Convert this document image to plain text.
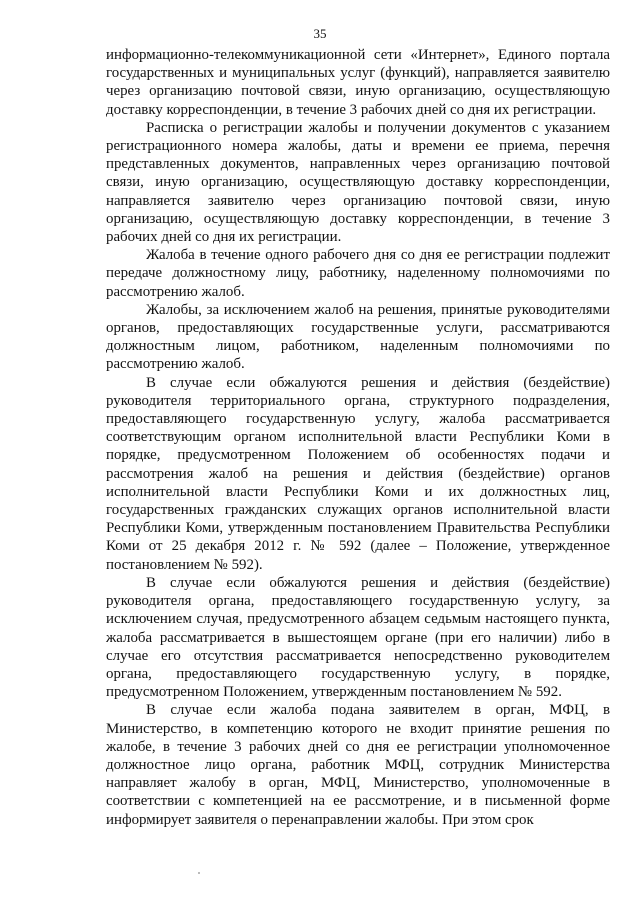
35

информационно-телекоммуникационной сети «Интернет», Единого портала государственных и муниципальных услуг (функций), направляется заявителю через организацию почтовой связи, иную организацию, осуществляющую доставку корреспонденции, в течение 3 рабочих дней со дня их регистрации.

Расписка о регистрации жалобы и получении документов с указанием регистрационного номера жалобы, даты и времени ее приема, перечня представленных документов, направленных через организацию почтовой связи, иную организацию, осуществляющую доставку корреспонденции, направляется заявителю через организацию почтовой связи, иную организацию, осуществляющую доставку корреспонденции, в течение 3 рабочих дней со дня их регистрации.

Жалоба в течение одного рабочего дня со дня ее регистрации подлежит передаче должностному лицу, работнику, наделенному полномочиями по рассмотрению жалоб.

Жалобы, за исключением жалоб на решения, принятые руководителями органов, предоставляющих государственные услуги, рассматриваются должностным лицом, работником, наделенным полномочиями по рассмотрению жалоб.

В случае если обжалуются решения и действия (бездействие) руководителя территориального органа, структурного подразделения, предоставляющего государственную услугу, жалоба рассматривается соответствующим органом исполнительной власти Республики Коми в порядке, предусмотренном Положением об особенностях подачи и рассмотрения жалоб на решения и действия (бездействие) органов исполнительной власти Республики Коми и их должностных лиц, государственных гражданских служащих органов исполнительной власти Республики Коми, утвержденным постановлением Правительства Республики Коми от 25 декабря 2012 г. № 592 (далее – Положение, утвержденное постановлением № 592).

В случае если обжалуются решения и действия (бездействие) руководителя органа, предоставляющего государственную услугу, за исключением случая, предусмотренного абзацем седьмым настоящего пункта, жалоба рассматривается в вышестоящем органе (при его наличии) либо в случае его отсутствия рассматривается непосредственно руководителем органа, предоставляющего государственную услугу, в порядке, предусмотренном Положением, утвержденным постановлением № 592.

В случае если жалоба подана заявителем в орган, МФЦ, в Министерство, в компетенцию которого не входит принятие решения по жалобе, в течение 3 рабочих дней со дня ее регистрации уполномоченное должностное лицо органа, работник МФЦ, сотрудник Министерства направляет жалобу в орган, МФЦ, Министерство, уполномоченные в соответствии с компетенцией на ее рассмотрение, и в письменной форме информирует заявителя о перенаправлении жалобы. При этом срок
